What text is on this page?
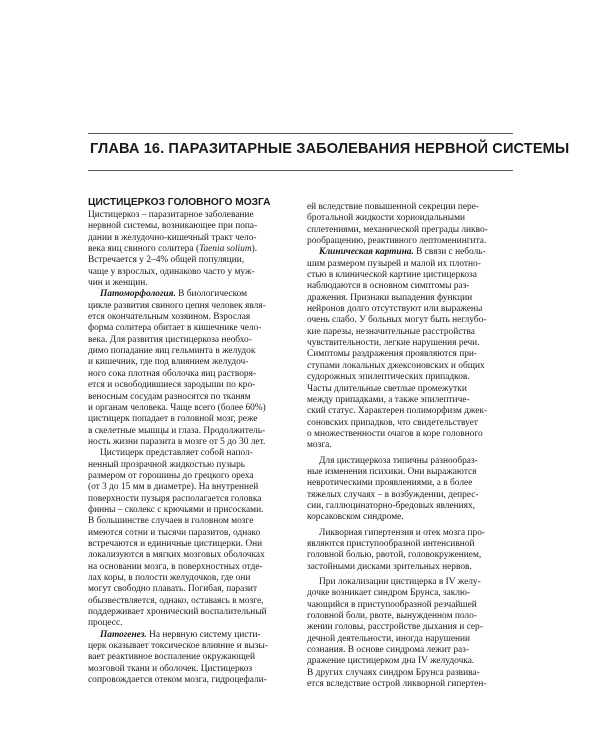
ГЛАВА 16. ПАРАЗИТАРНЫЕ ЗАБОЛЕВАНИЯ НЕРВНОЙ СИСТЕМЫ
ЦИСТИЦЕРКОЗ ГОЛОВНОГО МОЗГА
Цистицеркоз – паразитарное заболевание
нервной системы, возникающее при попа-
дании в желудочно-кишечный тракт чело-
века яиц свиного солитера (Taenia solium).
Встречается у 2–4% общей популяции,
чаще у взрослых, одинаково часто у муж-
чин и женщин.
Патоморфология. В биологическом
цикле развития свиного цепня человек явля-
ется окончательным хозяином. Взрослая
форма солитера обитает в кишечнике чело-
века. Для развития цистицеркоза необхо-
димо попадание яиц гельминта в желудок
и кишечник, где под влиянием желудоч-
ного сока плотная оболочка яиц растворя-
ется и освободившиеся зародыши по кро-
веносным сосудам разносятся по тканям
и органам человека. Чаще всего (более 60%)
цистицерк попадает в головной мозг, реже
в скелетные мышцы и глаза. Продолжитель-
ность жизни паразита в мозге от 5 до 30 лет.
Цистицерк представляет собой напол-
ненный прозрачной жидкостью пузырь
размером от горошины до грецкого ореха
(от 3 до 15 мм в диаметре). На внутренней
поверхности пузыря располагается головка
финны – сколекс с крючьями и присосками.
В большинстве случаев в головном мозге
имеются сотни и тысячи паразитов, однако
встречаются и единичные цистицерки. Они
локализуются в мягких мозговых оболочках
на основании мозга, в поверхностных отде-
лах коры, в полости желудочков, где они
могут свободно плавать. Погибая, паразит
обызвествляется, однако, оставаясь в мозге,
поддерживает хронический воспалительный
процесс.
Патогенез. На нервную систему цисти-
церк оказывает токсическое влияние и вызы-
вает реактивное воспаление окружающей
мозговой ткани и оболочек. Цистицеркоз
сопровождается отеком мозга, гидроцефали-
ей вследствие повышенной секреции пере-
бротальной жидкости хориоидальными
сплетениями, механической преграды ликво-
рообращению, реактивного лептоменингита.
Клиническая картина. В связи с неболь-
шим размером пузырей и малой их плотно-
стью в клинической картине цистицеркоза
наблюдаются в основном симптомы раз-
дражения. Признаки выпадения функции
нейронов долго отсутствуют или выражены
очень слабо. У больных могут быть неглубо-
кие парезы, незначительные расстройства
чувствительности, легкие нарушения речи.
Симптомы раздражения проявляются при-
ступами локальных джексоновских и общих
судорожных эпилептических припадков.
Часты длительные светлые промежутки
между припадками, а также эпилептиче-
ский статус. Характерен полиморфизм джек-
соновских припадков, что свидетельствует
о множественности очагов в коре головного
мозга.
Для цистицеркоза типичны разнообраз-
ные изменения психики. Они выражаются
невротическими проявлениями, а в более
тяжелых случаях – в возбуждении, депрес-
сии, галлюцинаторно-бредовых явлениях,
корсаковском синдроме.
Ликворная гипертензия и отек мозга про-
являются приступообразной интенсивной
головной болью, рвотой, головокружением,
застойными дисками зрительных нервов.
При локализации цистицерка в IV желу-
дочке возникает синдром Брунса, заклю-
чающийся в приступообразной резчайшей
головной боли, рвоте, вынужденном поло-
жении головы, расстройстве дыхания и сер-
дечной деятельности, иногда нарушении
сознания. В основе синдрома лежит раз-
дражение цистицерком дна IV желудочка.
В других случаях синдром Брунса развива-
ется вследствие острой ликворной гипертен-
